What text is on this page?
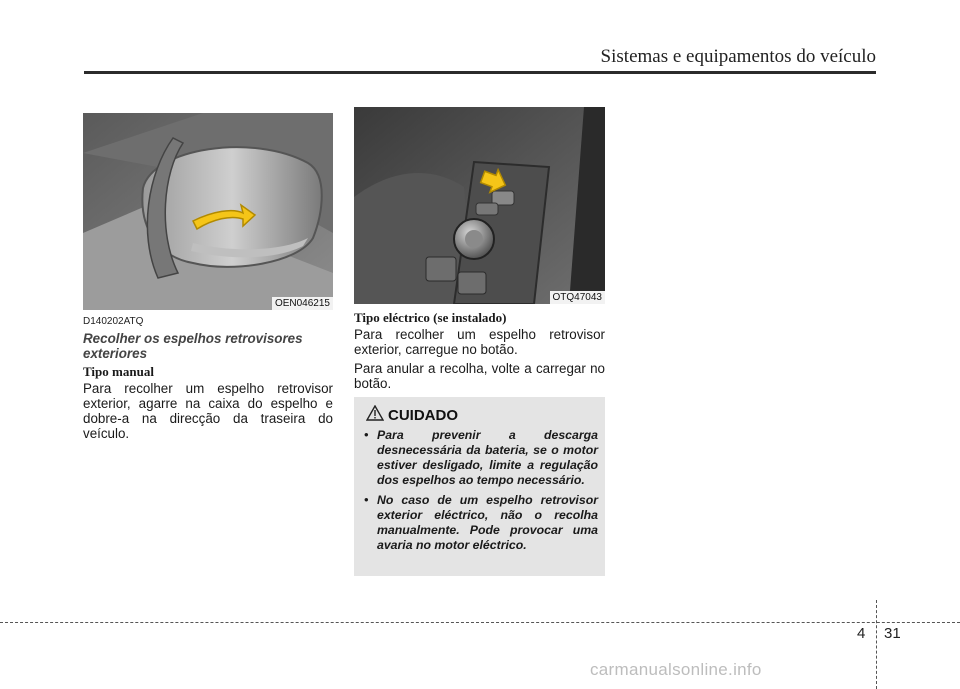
Sistemas e equipamentos do veículo
OEN046215
OTQ47043
D140202ATQ
Recolher os espelhos retrovisores exteriores
Tipo manual

Para recolher um espelho retrovisor exterior, agarre na caixa do espelho e dobre-a na direcção da traseira do veículo.

Tipo eléctrico (se instalado)

Para recolher um espelho retrovisor exterior, carregue no botão.

Para anular a recolha, volte a carregar no botão.

CUIDADO
• Para prevenir a descarga desnecessária da bateria, se o motor estiver desligado, limite a regulação dos espelhos ao tempo necessário.
• No caso de um espelho retrovisor exterior eléctrico, não o recolha manualmente. Pode provocar uma avaria no motor eléctrico.
4 31
carmanualsonline.info
